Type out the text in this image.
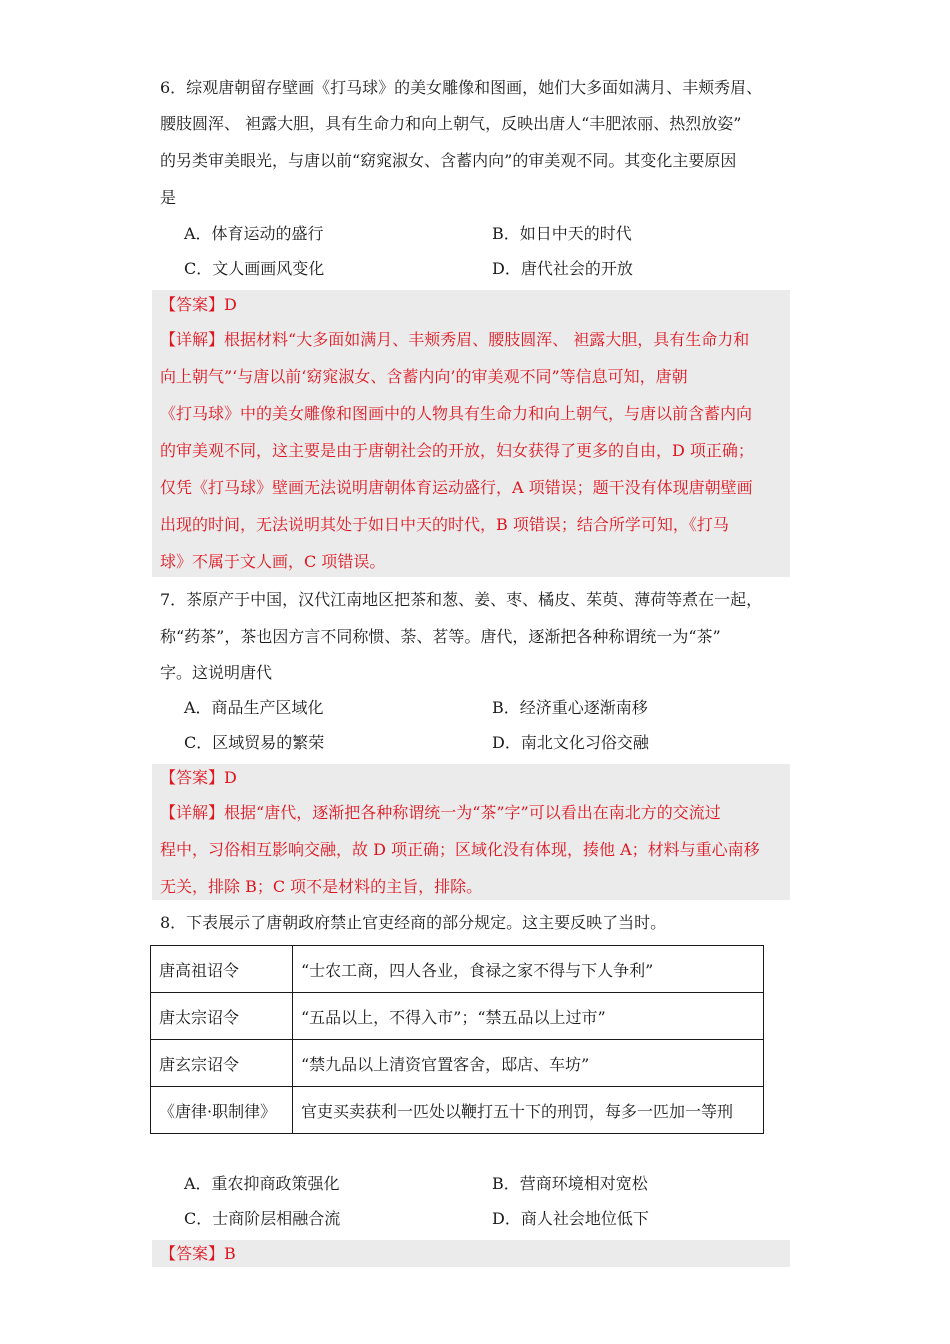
6．综观唐朝留存壁画《打马球》的美女雕像和图画，她们大多面如满月、丰颊秀眉、
腰肢圆浑、 袒露大胆，具有生命力和向上朝气，反映出唐人“丰肥浓丽、热烈放姿”
的另类审美眼光，与唐以前“窈窕淑女、含蓄内向”的审美观不同。其变化主要原因
是
A．体育运动的盛行	B．如日中天的时代
C．文人画画风变化	D．唐代社会的开放
【答案】D
【详解】根据材料“大多面如满月、丰颊秀眉、腰肢圆浑、 袒露大胆，具有生命力和
向上朝气”‘与唐以前‘窈窕淑女、含蓄内向’的审美观不同”等信息可知，唐朝
《打马球》中的美女雕像和图画中的人物具有生命力和向上朝气，与唐以前含蓄内向
的审美观不同，这主要是由于唐朝社会的开放，妇女获得了更多的自由，D 项正确；
仅凭《打马球》壁画无法说明唐朝体育运动盛行，A 项错误；题干没有体现唐朝壁画
出现的时间，无法说明其处于如日中天的时代，B 项错误；结合所学可知，《打马
球》不属于文人画，C 项错误。
7．茶原产于中国，汉代江南地区把茶和葱、姜、枣、橘皮、茱萸、薄荷等煮在一起，
称“药茶”，茶也因方言不同称惯、荼、茗等。唐代，逐渐把各种称谓统一为“茶”
字。这说明唐代
A．商品生产区域化	B．经济重心逐渐南移
C．区域贸易的繁荣	D．南北文化习俗交融
【答案】D
【详解】根据“唐代，逐渐把各种称谓统一为“茶”字”可以看出在南北方的交流过
程中，习俗相互影响交融，故 D 项正确；区域化没有体现，揍他 A；材料与重心南移
无关，排除 B；C 项不是材料的主旨，排除。
8．下表展示了唐朝政府禁止官吏经商的部分规定。这主要反映了当时。
唐高祖诏令	“士农工商，四人各业，食禄之家不得与下人争利”
唐太宗诏令	“五品以上，不得入市”；“禁五品以上过市”
唐玄宗诏令	“禁九品以上清资官置客舍，邸店、车坊”
《唐律·职制律》	官吏买卖获利一匹处以鞭打五十下的刑罚，每多一匹加一等刑
A．重农抑商政策强化	B．营商环境相对宽松
C．士商阶层相融合流	D．商人社会地位低下
【答案】B
